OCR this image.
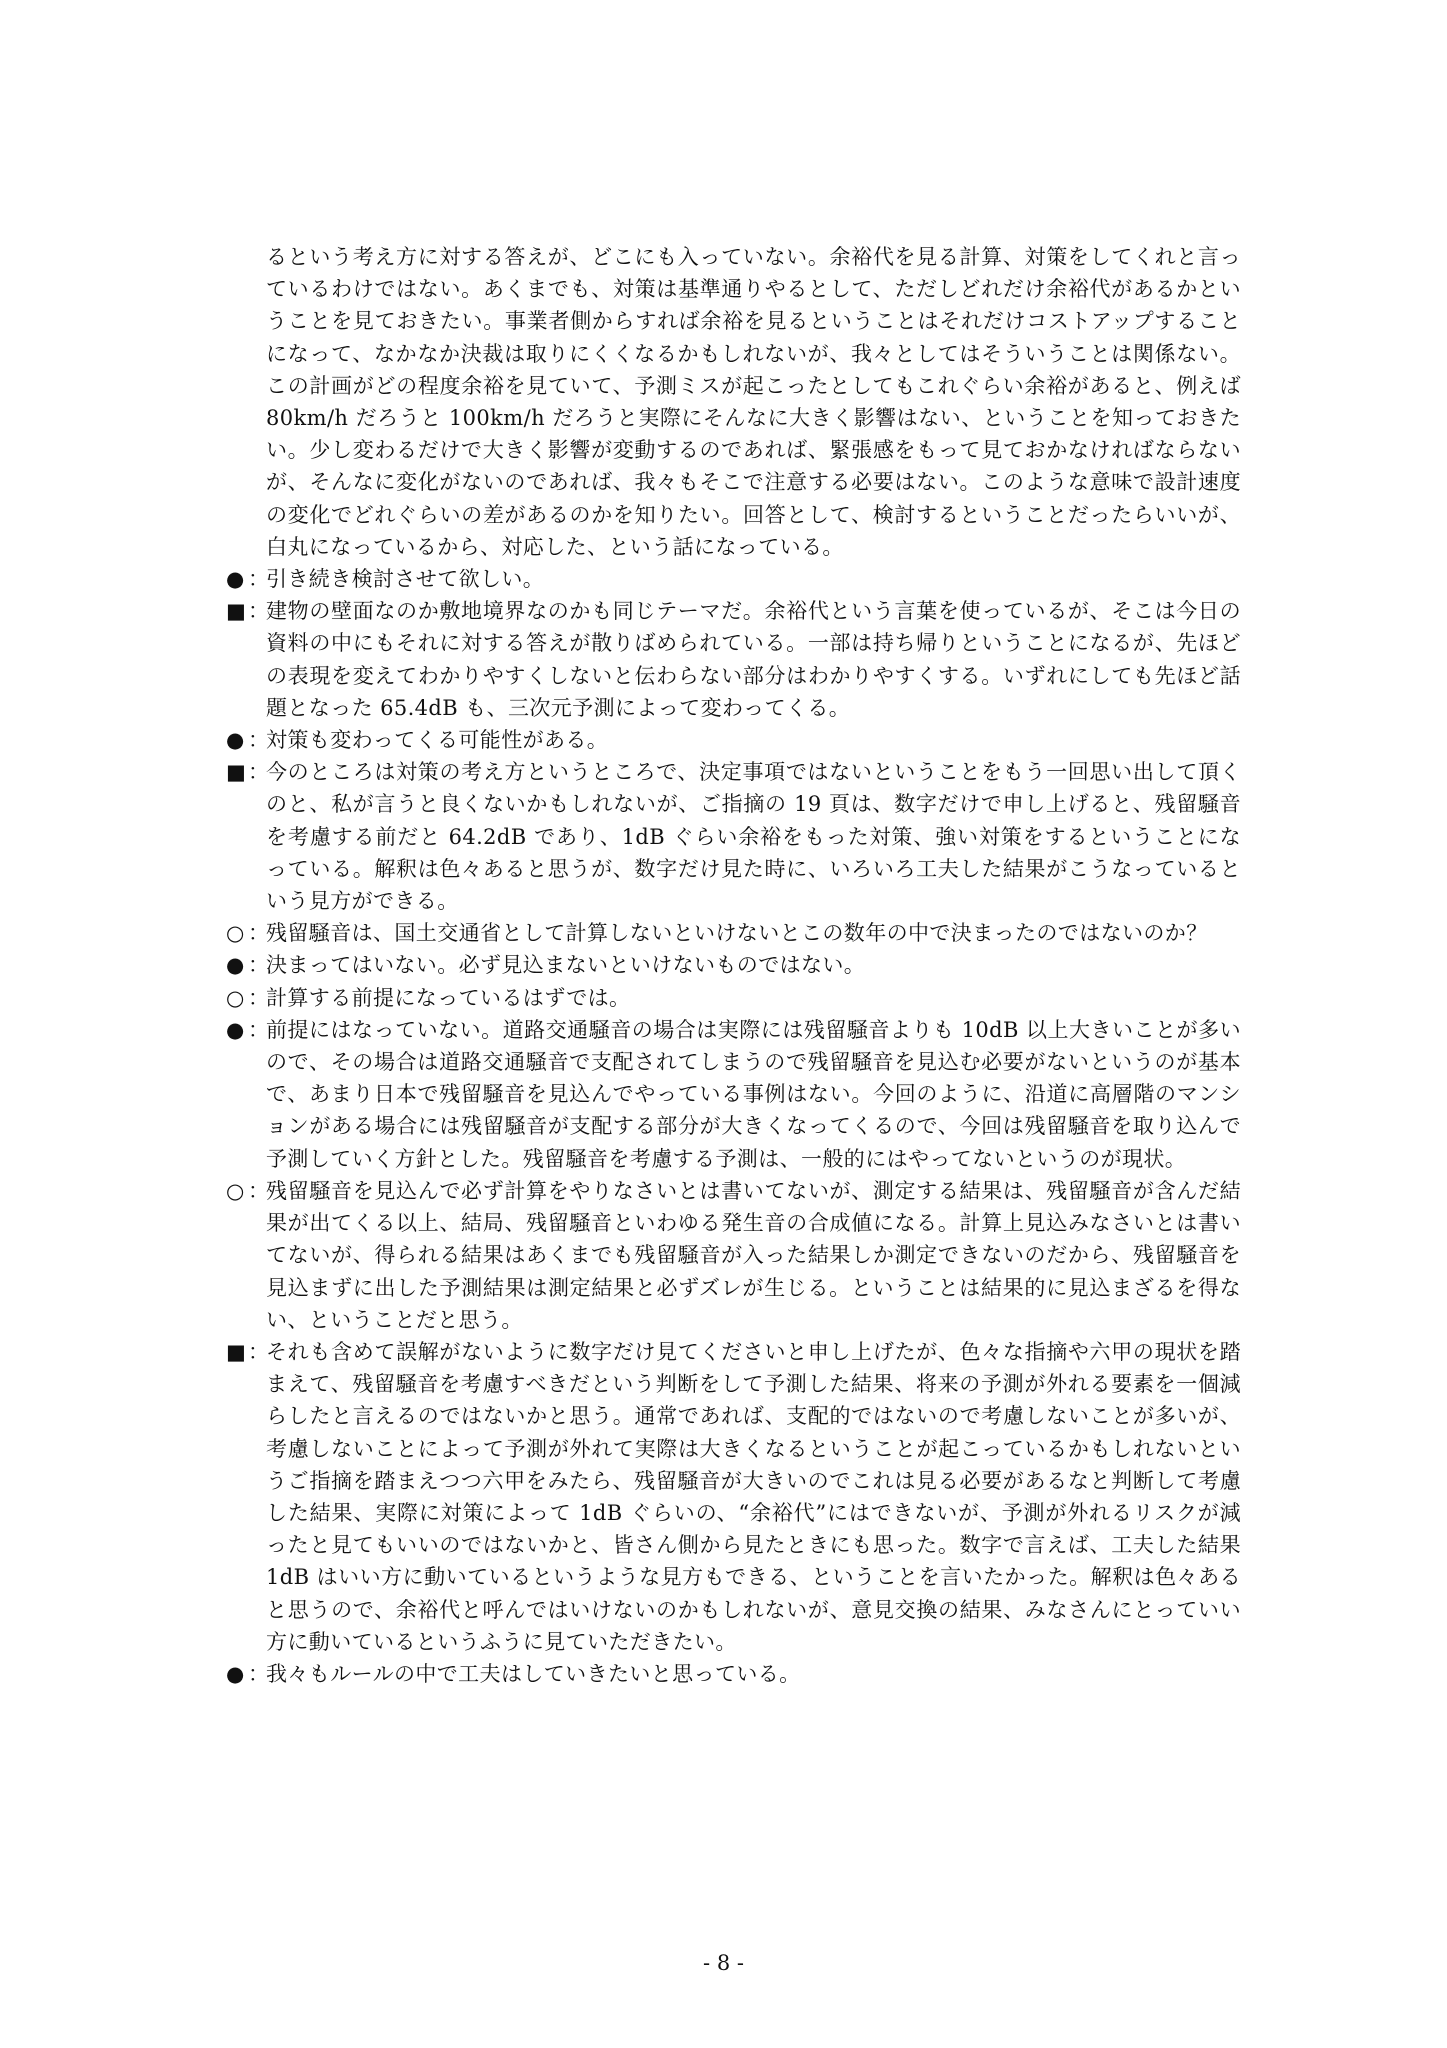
るという考え方に対する答えが、どこにも入っていない。余裕代を見る計算、対策をしてくれと言っているわけではない。あくまでも、対策は基準通りやるとして、ただしどれだけ余裕代があるかということを見ておきたい。事業者側からすれば余裕を見るということはそれだけコストアップすることになって、なかなか決裁は取りにくくなるかもしれないが、我々としてはそういうことは関係ない。この計画がどの程度余裕を見ていて、予測ミスが起こったとしてもこれぐらい余裕があると、例えば 80km/h だろうと 100km/h だろうと実際にそんなに大きく影響はない、ということを知っておきたい。少し変わるだけで大きく影響が変動するのであれば、緊張感をもって見ておかなければならないが、そんなに変化がないのであれば、我々もそこで注意する必要はない。このような意味で設計速度の変化でどれぐらいの差があるのかを知りたい。回答として、検討するということだったらいいが、白丸になっているから、対応した、という話になっている。
● ：
引き続き検討させて欲しい。
■ ：
建物の壁面なのか敷地境界なのかも同じテーマだ。余裕代という言葉を使っているが、そこは今日の資料の中にもそれに対する答えが散りばめられている。一部は持ち帰りということになるが、先ほどの表現を変えてわかりやすくしないと伝わらない部分はわかりやすくする。いずれにしても先ほど話題となった 65.4dB も、三次元予測によって変わってくる。
● ：
対策も変わってくる可能性がある。
■ ：
今のところは対策の考え方というところで、決定事項ではないということをもう一回思い出して頂くのと、私が言うと良くないかもしれないが、ご指摘の 19 頁は、数字だけで申し上げると、残留騒音を考慮する前だと 64.2dB であり、1dB ぐらい余裕をもった対策、強い対策をするということになっている。解釈は色々あると思うが、数字だけ見た時に、いろいろ工夫した結果がこうなっているという見方ができる。
○ ：
残留騒音は、国土交通省として計算しないといけないとこの数年の中で決まったのではないのか？
● ：
決まってはいない。必ず見込まないといけないものではない。
○ ：
計算する前提になっているはずでは。
● ：
前提にはなっていない。道路交通騒音の場合は実際には残留騒音よりも 10dB 以上大きいことが多いので、その場合は道路交通騒音で支配されてしまうので残留騒音を見込む必要がないというのが基本で、あまり日本で残留騒音を見込んでやっている事例はない。今回のように、沿道に高層階のマンションがある場合には残留騒音が支配する部分が大きくなってくるので、今回は残留騒音を取り込んで予測していく方針とした。残留騒音を考慮する予測は、一般的にはやってないというのが現状。
○ ：
残留騒音を見込んで必ず計算をやりなさいとは書いてないが、測定する結果は、残留騒音が含んだ結果が出てくる以上、結局、残留騒音といわゆる発生音の合成値になる。計算上見込みなさいとは書いてないが、得られる結果はあくまでも残留騒音が入った結果しか測定できないのだから、残留騒音を見込まずに出した予測結果は測定結果と必ずズレが生じる。ということは結果的に見込まざるを得ない、ということだと思う。
■ ：
それも含めて誤解がないように数字だけ見てくださいと申し上げたが、色々な指摘や六甲の現状を踏まえて、残留騒音を考慮すべきだという判断をして予測した結果、将来の予測が外れる要素を一個減らしたと言えるのではないかと思う。通常であれば、支配的ではないので考慮しないことが多いが、考慮しないことによって予測が外れて実際は大きくなるということが起こっているかもしれないというご指摘を踏まえつつ六甲をみたら、残留騒音が大きいのでこれは見る必要があるなと判断して考慮した結果、実際に対策によって 1dB ぐらいの、“余裕代”にはできないが、予測が外れるリスクが減ったと見てもいいのではないかと、皆さん側から見たときにも思った。数字で言えば、工夫した結果 1dB はいい方に動いているというような見方もできる、ということを言いたかった。解釈は色々あると思うので、余裕代と呼んではいけないのかもしれないが、意見交換の結果、みなさんにとっていい方に動いているというふうに見ていただきたい。
● ：
我々もルールの中で工夫はしていきたいと思っている。
- 8 -
